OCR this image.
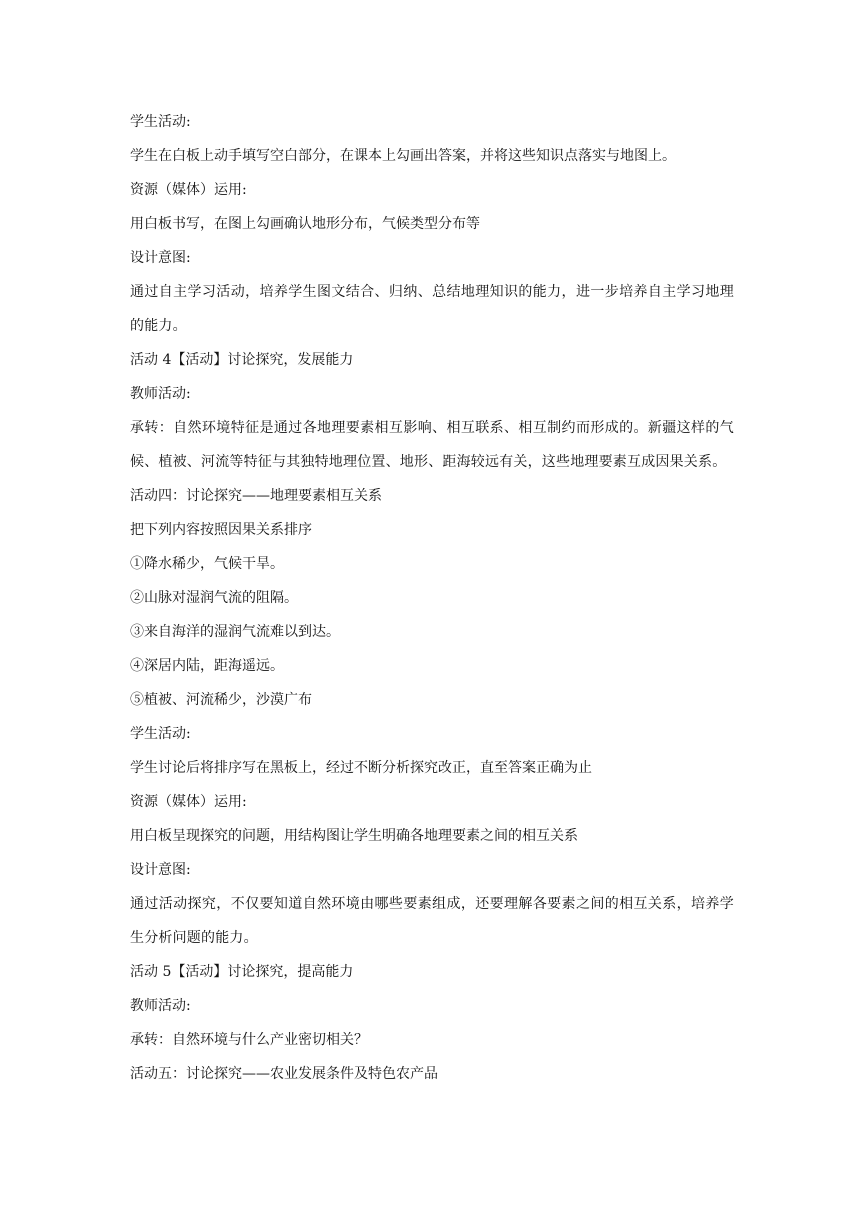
学生活动:
学生在白板上动手填写空白部分，在课本上勾画出答案，并将这些知识点落实与地图上。
资源（媒体）运用:
用白板书写，在图上勾画确认地形分布，气候类型分布等
设计意图:
通过自主学习活动，培养学生图文结合、归纳、总结地理知识的能力，进一步培养自主学习地理的能力。
活动 4【活动】讨论探究，发展能力
教师活动:
承转：自然环境特征是通过各地理要素相互影响、相互联系、相互制约而形成的。新疆这样的气候、植被、河流等特征与其独特地理位置、地形、距海较远有关，这些地理要素互成因果关系。
活动四：讨论探究——地理要素相互关系
把下列内容按照因果关系排序
①降水稀少，气候干旱。
②山脉对湿润气流的阻隔。
③来自海洋的湿润气流难以到达。
④深居内陆，距海遥远。
⑤植被、河流稀少，沙漠广布
学生活动:
学生讨论后将排序写在黑板上，经过不断分析探究改正，直至答案正确为止
资源（媒体）运用:
用白板呈现探究的问题，用结构图让学生明确各地理要素之间的相互关系
设计意图:
通过活动探究，不仅要知道自然环境由哪些要素组成，还要理解各要素之间的相互关系，培养学生分析问题的能力。
活动 5【活动】讨论探究，提高能力
教师活动:
承转：自然环境与什么产业密切相关？
活动五：讨论探究——农业发展条件及特色农产品
